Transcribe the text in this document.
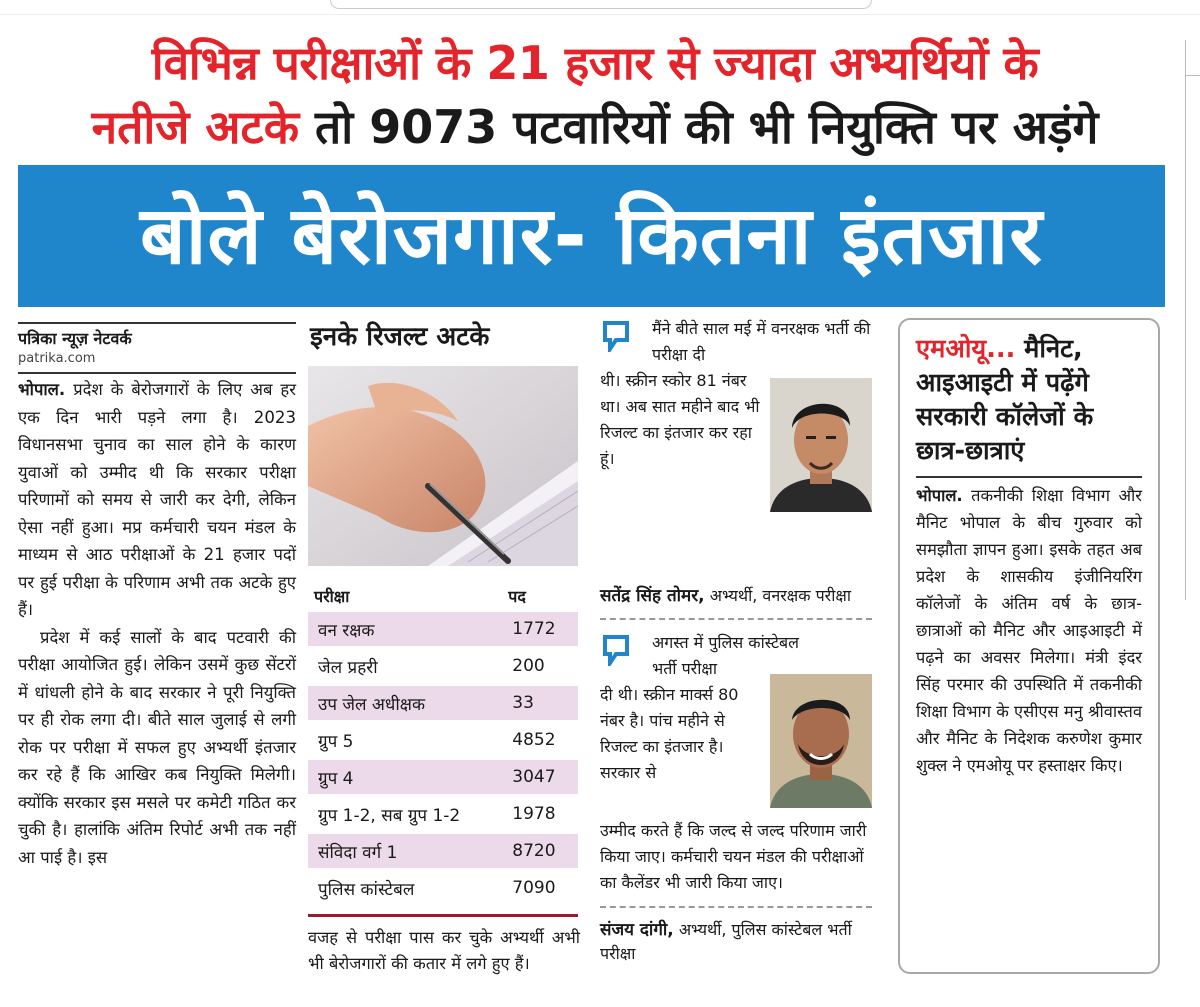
विभिन्न परीक्षाओं के 21 हजार से ज्यादा अभ्यर्थियों के
नतीजे अटके तो 9073 पटवारियों की भी नियुक्ति पर अड़ंगे
बोले बेरोजगार- कितना इंतजार
पत्रिका न्यूज़ नेटवर्क
patrika.com

भोपाल. प्रदेश के बेरोजगारों के लिए अब हर एक दिन भारी पड़ने लगा है। 2023 विधानसभा चुनाव का साल होने के कारण युवाओं को उम्मीद थी कि सरकार परीक्षा परिणामों को समय से जारी कर देगी, लेकिन ऐसा नहीं हुआ। मप्र कर्मचारी चयन मंडल के माध्यम से आठ परीक्षाओं के 21 हजार पदों पर हुई परीक्षा के परिणाम अभी तक अटके हुए हैं।

प्रदेश में कई सालों के बाद पटवारी की परीक्षा आयोजित हुई। लेकिन उसमें कुछ सेंटरों में धांधली होने के बाद सरकार ने पूरी नियुक्ति पर ही रोक लगा दी। बीते साल जुलाई से लगी रोक पर परीक्षा में सफल हुए अभ्यर्थी इंतजार कर रहे हैं कि आखिर कब नियुक्ति मिलेगी। क्योंकि सरकार इस मसले पर कमेटी गठित कर चुकी है। हालांकि अंतिम रिपोर्ट अभी तक नहीं आ पाई है। इस

इनके रिजल्ट अटके
परीक्षा	पद
वन रक्षक	1772
जेल प्रहरी	200
उप जेल अधीक्षक	33
ग्रुप 5	4852
ग्रुप 4	3047
ग्रुप 1-2, सब ग्रुप 1-2	1978
संविदा वर्ग 1	8720
पुलिस कांस्टेबल	7090
वजह से परीक्षा पास कर चुके अभ्यर्थी अभी भी बेरोजगारों की कतार में लगे हुए हैं।
मैंने बीते साल मई में वनरक्षक भर्ती की परीक्षा दी
थी। स्क्रीन स्कोर 81 नंबर था। अब सात महीने बाद भी रिजल्ट का इंतजार कर रहा हूं।
सतेंद्र सिंह तोमर, अभ्यर्थी, वनरक्षक परीक्षा
अगस्त में पुलिस कांस्टेबल भर्ती परीक्षा
दी थी। स्क्रीन मार्क्स 80 नंबर है। पांच महीने से रिजल्ट का इंतजार है। सरकार से
उम्मीद करते हैं कि जल्द से जल्द परिणाम जारी किया जाए। कर्मचारी चयन मंडल की परीक्षाओं का कैलेंडर भी जारी किया जाए।
संजय दांगी, अभ्यर्थी, पुलिस कांस्टेबल भर्ती परीक्षा
एमओयू... मैनिट, आइआइटी में पढ़ेंगे सरकारी कॉलेजों के छात्र-छात्राएं

भोपाल. तकनीकी शिक्षा विभाग और मैनिट भोपाल के बीच गुरुवार को समझौता ज्ञापन हुआ। इसके तहत अब प्रदेश के शासकीय इंजीनियरिंग कॉलेजों के अंतिम वर्ष के छात्र-छात्राओं को मैनिट और आइआइटी में पढ़ने का अवसर मिलेगा। मंत्री इंदर सिंह परमार की उपस्थिति में तकनीकी शिक्षा विभाग के एसीएस मनु श्रीवास्तव और मैनिट के निदेशक करुणेश कुमार शुक्ल ने एमओयू पर हस्ताक्षर किए।
